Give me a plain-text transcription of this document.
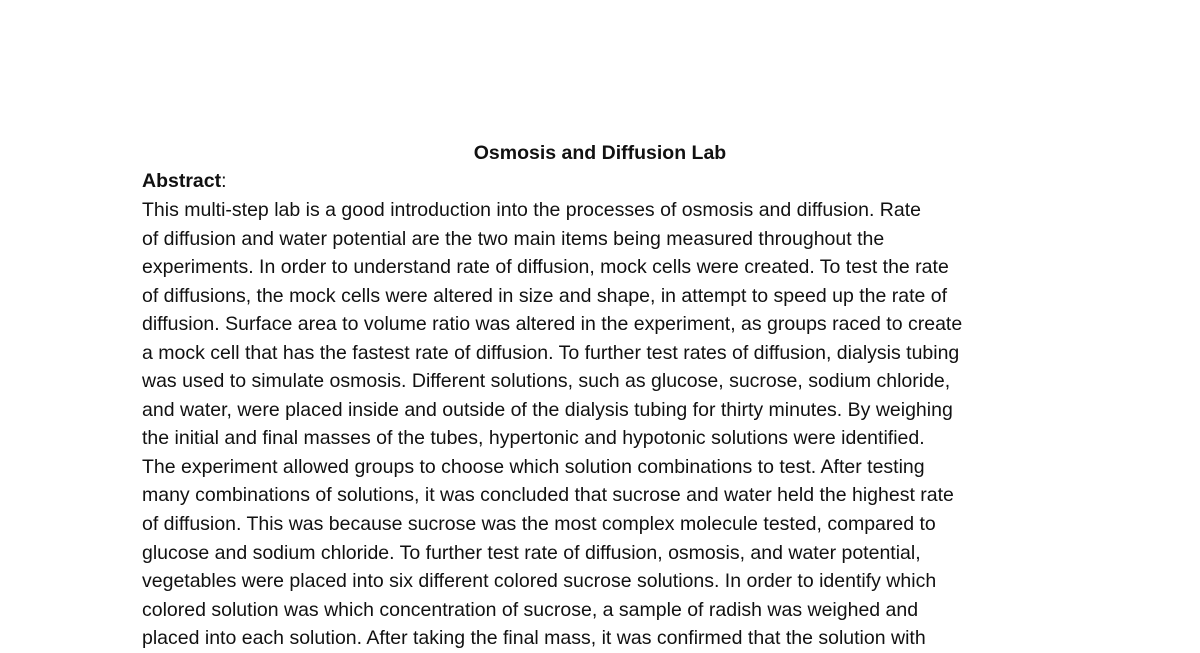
Osmosis and Diffusion Lab

Abstract:

This multi-step lab is a good introduction into the processes of osmosis and diffusion. Rate
of diffusion and water potential are the two main items being measured throughout the
experiments. In order to understand rate of diffusion, mock cells were created. To test the rate
of diffusions, the mock cells were altered in size and shape, in attempt to speed up the rate of
diffusion. Surface area to volume ratio was altered in the experiment, as groups raced to create
a mock cell that has the fastest rate of diffusion. To further test rates of diffusion, dialysis tubing
was used to simulate osmosis. Different solutions, such as glucose, sucrose, sodium chloride,
and water, were placed inside and outside of the dialysis tubing for thirty minutes. By weighing
the initial and final masses of the tubes, hypertonic and hypotonic solutions were identified.
The experiment allowed groups to choose which solution combinations to test. After testing
many combinations of solutions, it was concluded that sucrose and water held the highest rate
of diffusion. This was because sucrose was the most complex molecule tested, compared to
glucose and sodium chloride. To further test rate of diffusion, osmosis, and water potential,
vegetables were placed into six different colored sucrose solutions. In order to identify which
colored solution was which concentration of sucrose, a sample of radish was weighed and
placed into each solution. After taking the final mass, it was confirmed that the solution with
